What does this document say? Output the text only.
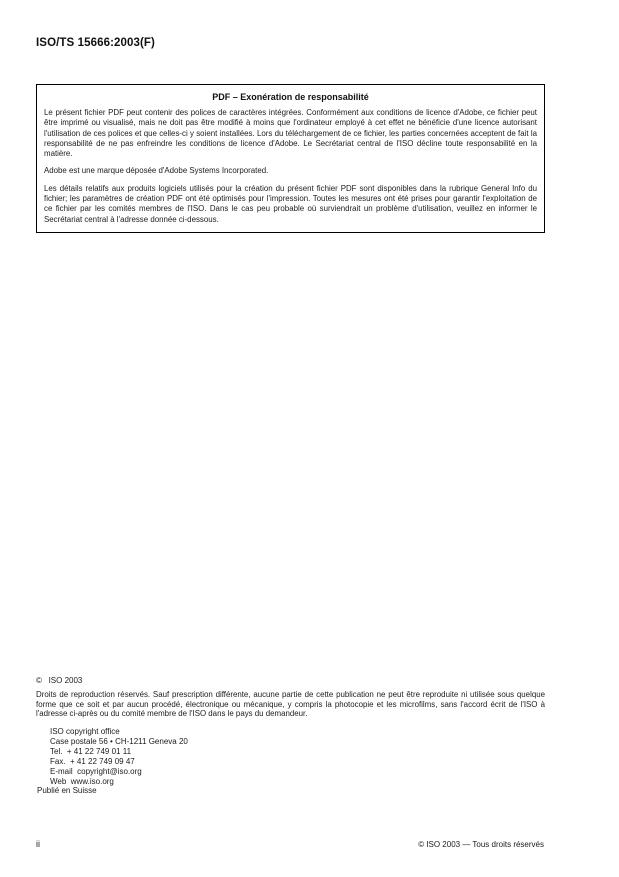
ISO/TS 15666:2003(F)
PDF – Exonération de responsabilité

Le présent fichier PDF peut contenir des polices de caractères intégrées. Conformément aux conditions de licence d'Adobe, ce fichier peut être imprimé ou visualisé, mais ne doit pas être modifié à moins que l'ordinateur employé à cet effet ne bénéficie d'une licence autorisant l'utilisation de ces polices et que celles-ci y soient installées. Lors du téléchargement de ce fichier, les parties concernées acceptent de fait la responsabilité de ne pas enfreindre les conditions de licence d'Adobe. Le Secrétariat central de l'ISO décline toute responsabilité en la matière.

Adobe est une marque déposée d'Adobe Systems Incorporated.

Les détails relatifs aux produits logiciels utilisés pour la création du présent fichier PDF sont disponibles dans la rubrique General Info du fichier; les paramètres de création PDF ont été optimisés pour l'impression. Toutes les mesures ont été prises pour garantir l'exploitation de ce fichier par les comités membres de l'ISO. Dans le cas peu probable où surviendrait un problème d'utilisation, veuillez en informer le Secrétariat central à l'adresse donnée ci-dessous.

©   ISO 2003
Droits de reproduction réservés. Sauf prescription différente, aucune partie de cette publication ne peut être reproduite ni utilisée sous quelque forme que ce soit et par aucun procédé, électronique ou mécanique, y compris la photocopie et les microfilms, sans l'accord écrit de l'ISO à l'adresse ci-après ou du comité membre de l'ISO dans le pays du demandeur.
ISO copyright office
Case postale 56 • CH-1211 Geneva 20
Tel.  + 41 22 749 01 11
Fax.  + 41 22 749 09 47
E-mail  copyright@iso.org
Web  www.iso.org
Publié en Suisse
ii	© ISO 2003 — Tous droits réservés
